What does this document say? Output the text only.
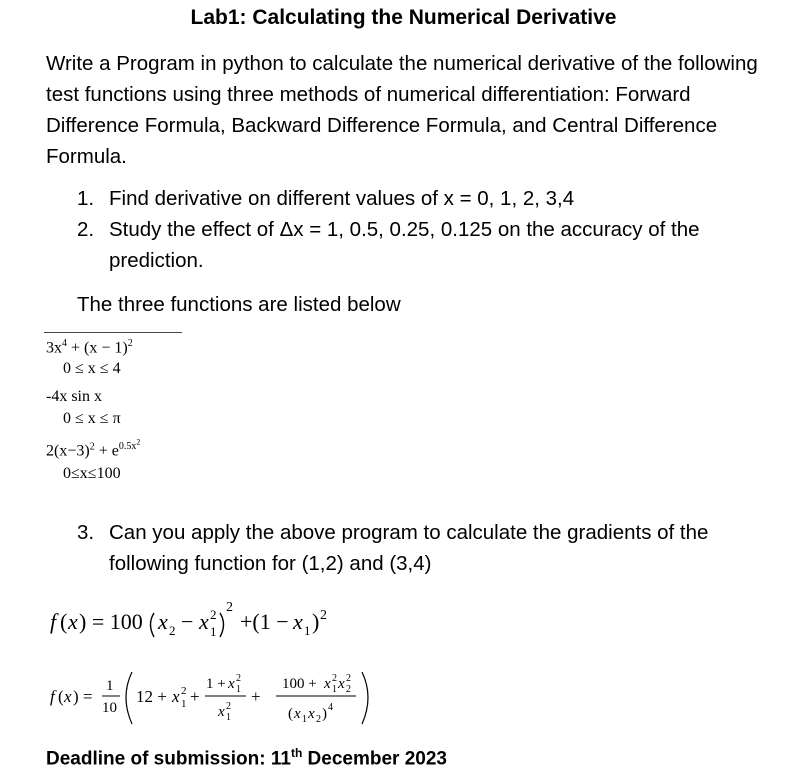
Lab1: Calculating the Numerical Derivative
Write a Program in python to calculate the numerical derivative of the following test functions using three methods of numerical differentiation: Forward Difference Formula, Backward Difference Formula, and Central Difference Formula.
1. Find derivative on different values of x = 0, 1, 2, 3,4
2. Study the effect of Δx = 1, 0.5, 0.25, 0.125 on the accuracy of the prediction.
The three functions are listed below
$3x^4 + (x - 1)^2$
0 ≤ x ≤ 4
-4x sin x
0 ≤ x ≤ π
$2(x-3)^2 + e^{0.5x^2}$
0≤x≤100
3. Can you apply the above program to calculate the gradients of the following function for (1,2) and (3,4)
f ( x ) = 100 x 2 − x 2
1
2
+(1 − x 1 ) 2
f ( x ) =
1
10
12 + x 2
1 +
1 + x 2
1
x 2
1
+
100 + x 2
1 x 2
2
( x 1 x 2 ) 4
Deadline of submission: 11th December 2023
